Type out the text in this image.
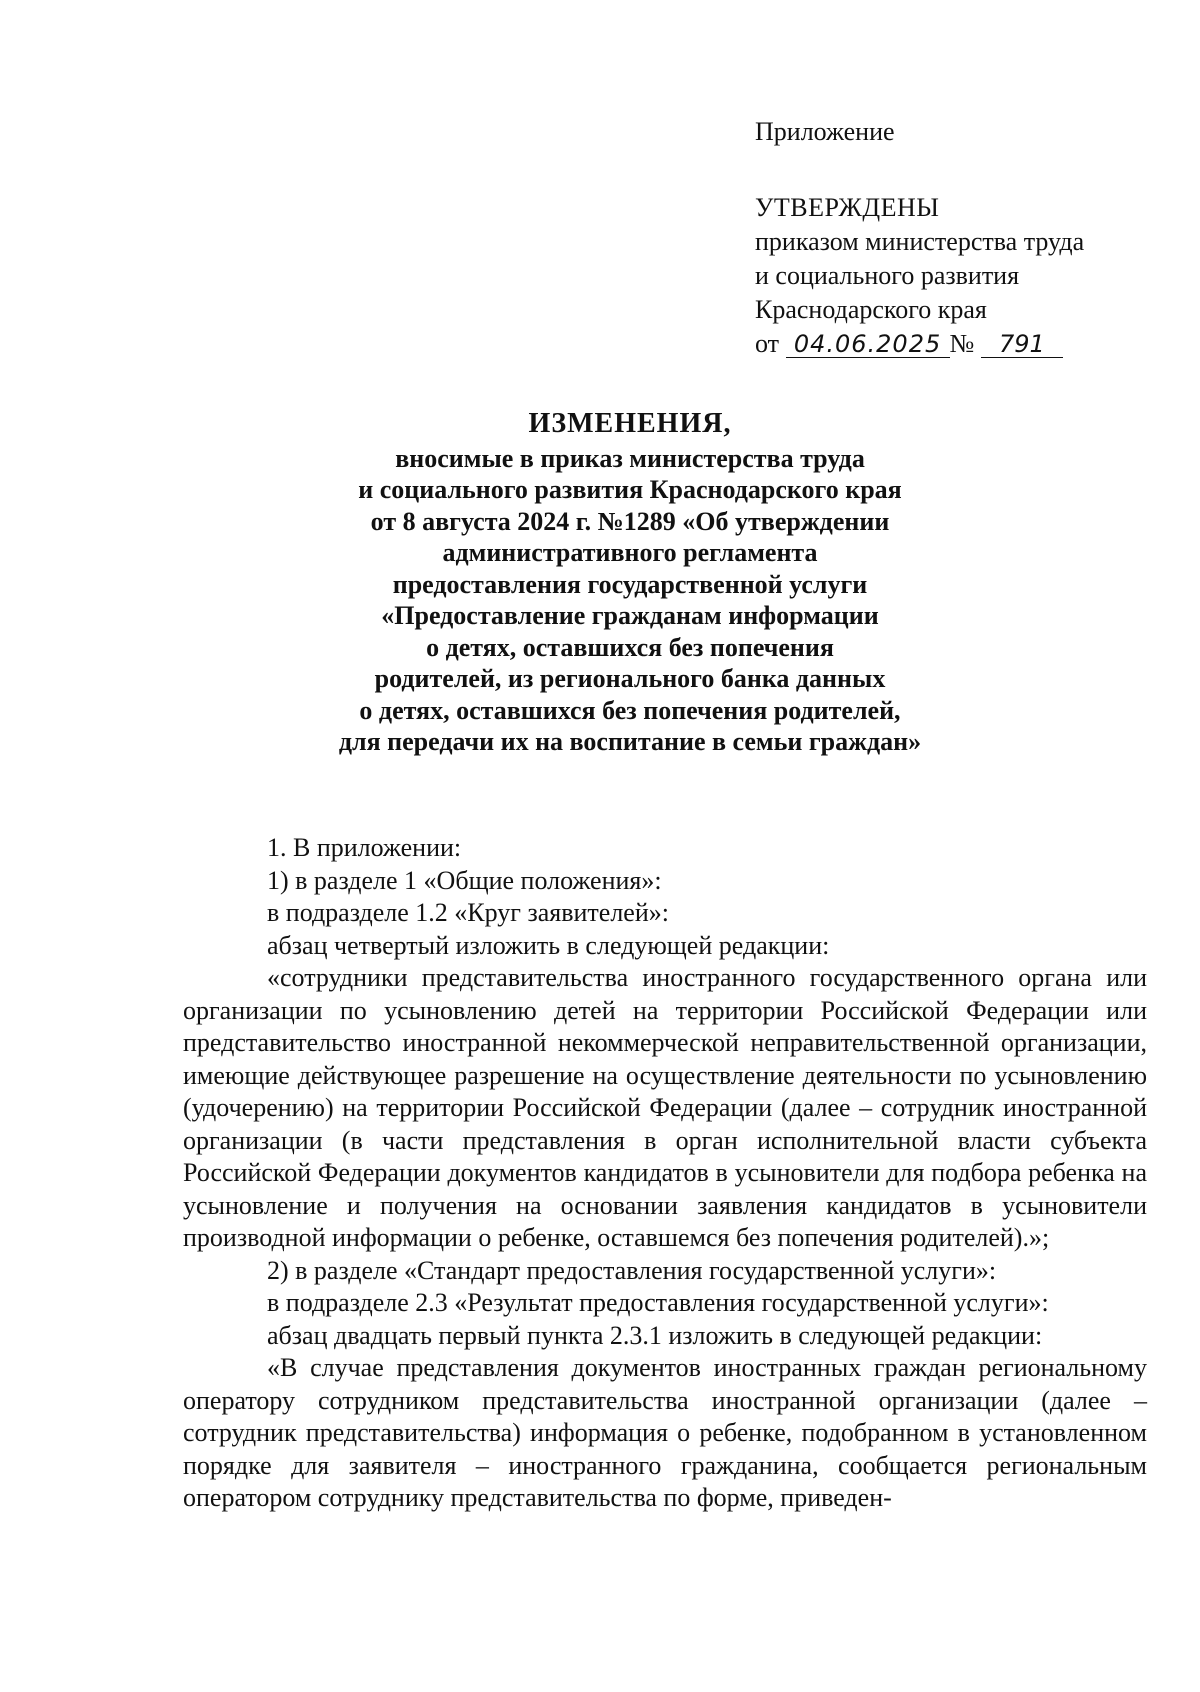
Приложение
УТВЕРЖДЕНЫ
приказом министерства труда
и социального развития
Краснодарского края
от 04.06.2025 № 791
ИЗМЕНЕНИЯ,
вносимые в приказ министерства труда
и социального развития Краснодарского края
от 8 августа 2024 г. №1289 «Об утверждении
административного регламента
предоставления государственной услуги
«Предоставление гражданам информации
о детях, оставшихся без попечения
родителей, из регионального банка данных
о детях, оставшихся без попечения родителей,
для передачи их на воспитание в семьи граждан»

1. В приложении:

1) в разделе 1 «Общие положения»:

в подразделе 1.2 «Круг заявителей»:

абзац четвертый изложить в следующей редакции:

«сотрудники представительства иностранного государственного органа или организации по усыновлению детей на территории Российской Федерации или представительство иностранной некоммерческой неправительственной организации, имеющие действующее разрешение на осуществление деятельности по усыновлению (удочерению) на территории Российской Федерации (далее – сотрудник иностранной организации (в части представления в орган исполнительной власти субъекта Российской Федерации документов кандидатов в усыновители для подбора ребенка на усыновление и получения на основании заявления кандидатов в усыновители производной информации о ребенке, оставшемся без попечения родителей).»;

2) в разделе «Стандарт предоставления государственной услуги»:

в подразделе 2.3 «Результат предоставления государственной услуги»:

абзац двадцать первый пункта 2.3.1 изложить в следующей редакции:

«В случае представления документов иностранных граждан региональному оператору сотрудником представительства иностранной организации (далее – сотрудник представительства) информация о ребенке, подобранном в установленном порядке для заявителя – иностранного гражданина, сообщается региональным оператором сотруднику представительства по форме, приведен-
